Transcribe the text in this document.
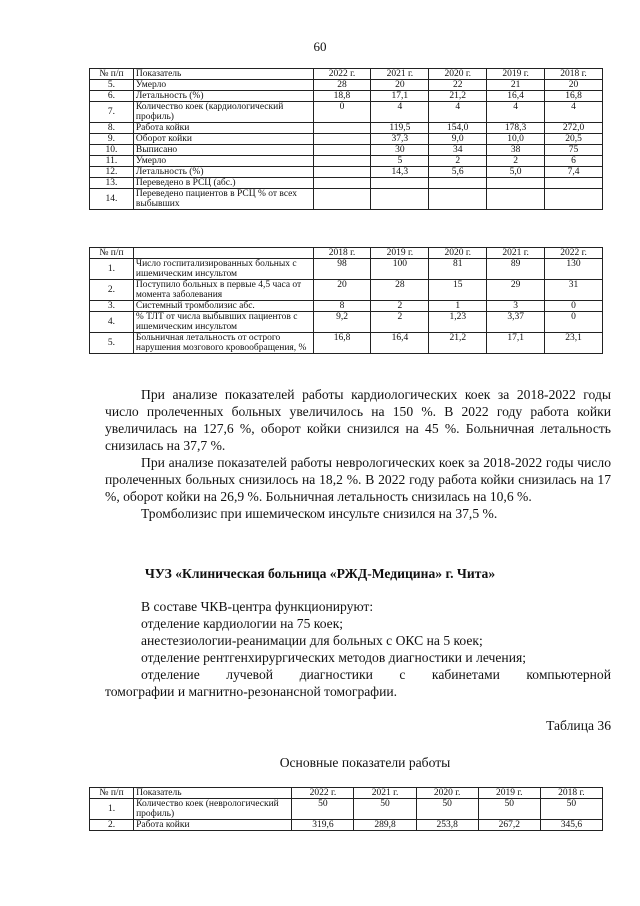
60
№ п/п	Показатель	2022 г.	2021 г.	2020 г.	2019 г.	2018 г.
5.	Умерло	28	20	22	21	20
6.	Летальность (%)	18,8	17,1	21,2	16,4	16,8
7.	Количество коек (кардиологический профиль)	0	4	4	4	4
8.	Работа койки		119,5	154,0	178,3	272,0
9.	Оборот койки		37,3	9,0	10,0	20,5
10.	Выписано		30	34	38	75
11.	Умерло		5	2	2	6
12.	Летальность (%)		14,3	5,6	5,0	7,4
13.	Переведено в РСЦ (абс.)					
14.	Переведено пациентов в РСЦ % от всех выбывших					
№ п/п		2018 г.	2019 г.	2020 г.	2021 г.	2022 г.
1.	Число госпитализированных больных с ишемическим инсультом	98	100	81	89	130
2.	Поступило больных в первые 4,5 часа от момента заболевания	20	28	15	29	31
3.	Системный тромболизис абс.	8	2	1	3	0
4.	% ТЛТ от числа выбывших пациентов с ишемическим инсультом	9,2	2	1,23	3,37	0
5.	Больничная летальность от острого нарушения мозгового кровообращения, %	16,8	16,4	21,2	17,1	23,1

При анализе показателей работы кардиологических коек за 2018-2022 годы число пролеченных больных увеличилось на 150 %. В 2022 году работа койки увеличилась на 127,6 %, оборот койки снизился на 45 %. Больничная летальность снизилась на 37,7 %.

При анализе показателей работы неврологических коек за 2018-2022 годы число пролеченных больных снизилось на 18,2 %. В 2022 году работа койки снизилась на 17 %, оборот койки на 26,9 %. Больничная летальность снизилась на 10,6 %.

Тромболизис при ишемическом инсульте снизился на 37,5 %.

ЧУЗ «Клиническая больница «РЖД-Медицина» г. Чита»
В составе ЧКВ-центра функционируют:
отделение кардиологии на 75 коек;
анестезиологии-реанимации для больных с ОКС на 5 коек;
отделение рентгенхирургических методов диагностики и лечения;
отделение лучевой диагностики с кабинетами компьютерной
томографии и магнитно-резонансной томографии.
Таблица 36
Основные показатели работы
№ п/п	Показатель	2022 г.	2021 г.	2020 г.	2019 г.	2018 г.
1.	Количество коек (неврологический профиль)	50	50	50	50	50
2.	Работа койки	319,6	289,8	253,8	267,2	345,6
